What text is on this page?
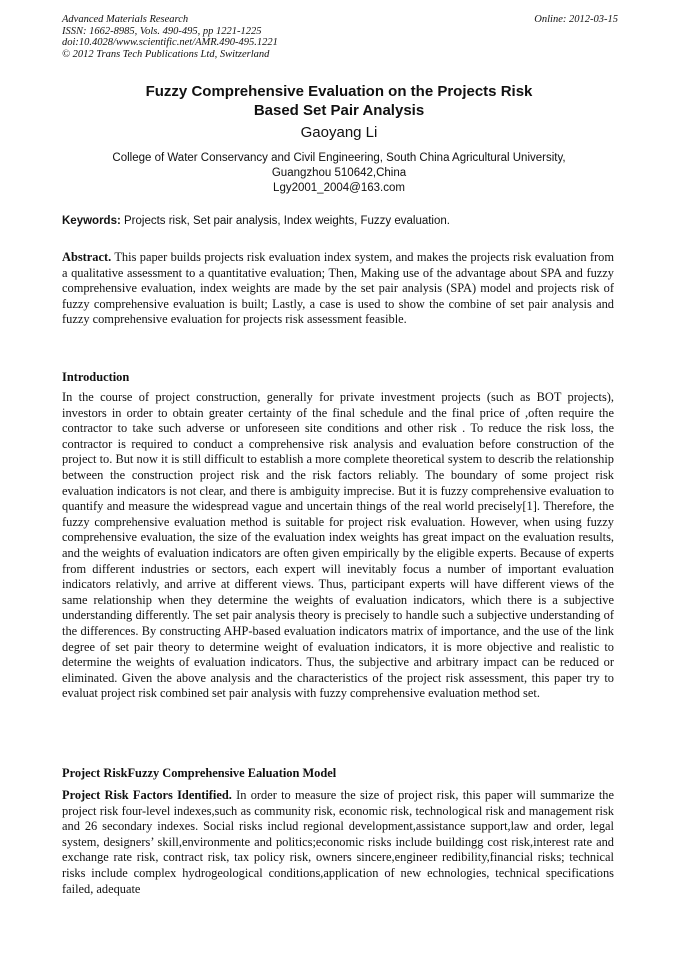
Advanced Materials Research
ISSN: 1662-8985, Vols. 490-495, pp 1221-1225
doi:10.4028/www.scientific.net/AMR.490-495.1221
© 2012 Trans Tech Publications Ltd, Switzerland
Online: 2012-03-15
Fuzzy Comprehensive Evaluation on the Projects Risk
Based Set Pair Analysis
Gaoyang Li
College of Water Conservancy and Civil Engineering, South China Agricultural University,
Guangzhou 510642,China
Lgy2001_2004@163.com
Keywords: Projects risk, Set pair analysis, Index weights, Fuzzy evaluation.
Abstract. This paper builds projects risk evaluation index system, and makes the projects risk evaluation from a qualitative assessment to a quantitative evaluation; Then, Making use of the advantage about SPA and fuzzy comprehensive evaluation, index weights are made by the set pair analysis (SPA) model and projects risk of fuzzy comprehensive evaluation is built; Lastly, a case is used to show the combine of set pair analysis and fuzzy comprehensive evaluation for projects risk assessment feasible.
Introduction
In the course of project construction, generally for private investment projects (such as BOT projects), investors in order to obtain greater certainty of the final schedule and the final price of ,often require the contractor to take such adverse or unforeseen site conditions and other risk . To reduce the risk loss, the contractor is required to conduct a comprehensive risk analysis and evaluation before construction of the project to. But now it is still difficult to establish a more complete theoretical system to describ the relationship between the construction project risk and the risk factors reliably. The boundary of some project risk evaluation indicators is not clear, and there is ambiguity imprecise. But it is fuzzy comprehensive evaluation to quantify and measure the widespread vague and uncertain things of the real world precisely[1]. Therefore, the fuzzy comprehensive evaluation method is suitable for project risk evaluation. However, when using fuzzy comprehensive evaluation, the size of the evaluation index weights has great impact on the evaluation results, and the weights of evaluation indicators are often given empirically by the eligible experts. Because of experts from different industries or sectors, each expert will inevitably focus a number of important evaluation indicators relativly, and arrive at different views. Thus, participant experts will have different views of the same relationship when they determine the weights of evaluation indicators, which there is a subjective understanding differently. The set pair analysis theory is precisely to handle such a subjective understanding of the differences. By constructing AHP-based evaluation indicators matrix of importance, and the use of the link degree of set pair theory to determine weight of evaluation indicators, it is more objective and realistic to determine the weights of evaluation indicators. Thus, the subjective and arbitrary impact can be reduced or eliminated. Given the above analysis and the characteristics of the project risk assessment, this paper try to evaluat project risk combined set pair analysis with fuzzy comprehensive evaluation method set.
Project RiskFuzzy Comprehensive Ealuation Model
Project Risk Factors Identified. In order to measure the size of project risk, this paper will summarize the project risk four-level indexes,such as community risk, economic risk, technological risk and management risk and 26 secondary indexes. Social risks includ regional development,assistance support,law and order, legal system, designers’ skill,environmente and politics;economic risks include buildingg cost risk,interest rate and exchange rate risk, contract risk, tax policy risk, owners sincere,engineer redibility,financial risks; technical risks include complex hydrogeological conditions,application of new echnologies, technical specifications failed, adequate
